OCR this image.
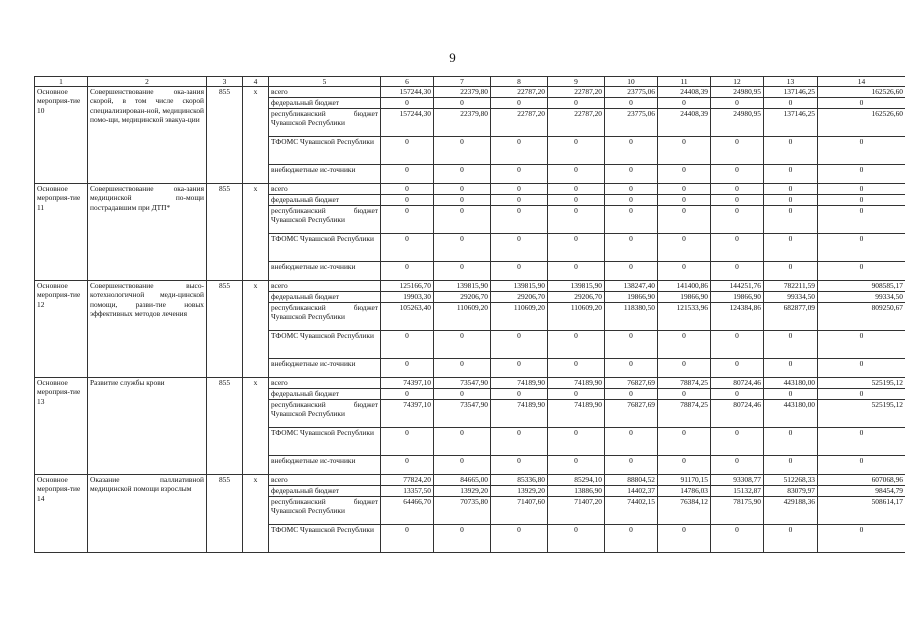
9
1	2	3	4	5	6	7	8	9	10	11	12	13	14
Основное мероприя-тие 10	Совершенствование ока-зания скорой, в том числе скорой специализирован-ной, медицинской помо-щи, медицинской эвакуа-ции	855	х	всего	157244,30	22379,80	22787,20	22787,20	23775,06	24408,39	24980,95	137146,25	162526,60
				федеральный бюджет	0	0	0	0	0	0	0	0	0
				республиканский бюджет Чувашской Республики	157244,30	22379,80	22787,20	22787,20	23775,06	24408,39	24980,95	137146,25	162526,60
				ТФОМС Чувашской Республики	0	0	0	0	0	0	0	0	0
				внебюджетные ис-точники	0	0	0	0	0	0	0	0	0
Основное мероприя-тие 11	Совершенствование ока-зания медицинской по-мощи пострадавшим при ДТП*	855	х	всего	0	0	0	0	0	0	0	0	0
				федеральный бюджет	0	0	0	0	0	0	0	0	0
				республиканский бюджет Чувашской Республики	0	0	0	0	0	0	0	0	0
				ТФОМС Чувашской Республики	0	0	0	0	0	0	0	0	0
				внебюджетные ис-точники	0	0	0	0	0	0	0	0	0
Основное мероприя-тие 12	Совершенствование высо-котехнологичной меди-цинской помощи, разви-тие новых эффективных методов лечения	855	х	всего	125166,70	139815,90	139815,90	139815,90	138247,40	141400,86	144251,76	782211,59	908585,17
				федеральный бюджет	19903,30	29206,70	29206,70	29206,70	19866,90	19866,90	19866,90	99334,50	99334,50
				республиканский бюджет Чувашской Республики	105263,40	110609,20	110609,20	110609,20	118380,50	121533,96	124384,86	682877,09	809250,67
				ТФОМС Чувашской Республики	0	0	0	0	0	0	0	0	0
				внебюджетные ис-точники	0	0	0	0	0	0	0	0	0
Основное мероприя-тие 13	Развитие службы крови	855	х	всего	74397,10	73547,90	74189,90	74189,90	76827,69	78874,25	80724,46	443180,00	525195,12
				федеральный бюджет	0	0	0	0	0	0	0	0	0
				республиканский бюджет Чувашской Республики	74397,10	73547,90	74189,90	74189,90	76827,69	78874,25	80724,46	443180,00	525195,12
				ТФОМС Чувашской Республики	0	0	0	0	0	0	0	0	0
				внебюджетные ис-точники	0	0	0	0	0	0	0	0	0
Основное мероприя-тие 14	Оказание паллиативной медицинской помощи взрослым	855	х	всего	77824,20	84665,00	85336,80	85294,10	88804,52	91170,15	93308,77	512268,33	607068,96
				федеральный бюджет	13357,50	13929,20	13929,20	13886,90	14402,37	14786,03	15132,87	83079,97	98454,79
				республиканский бюджет Чувашской Республики	64466,70	70735,80	71407,60	71407,20	74402,15	76384,12	78175,90	429188,36	508614,17
				ТФОМС Чувашской Республики	0	0	0	0	0	0	0	0	0
